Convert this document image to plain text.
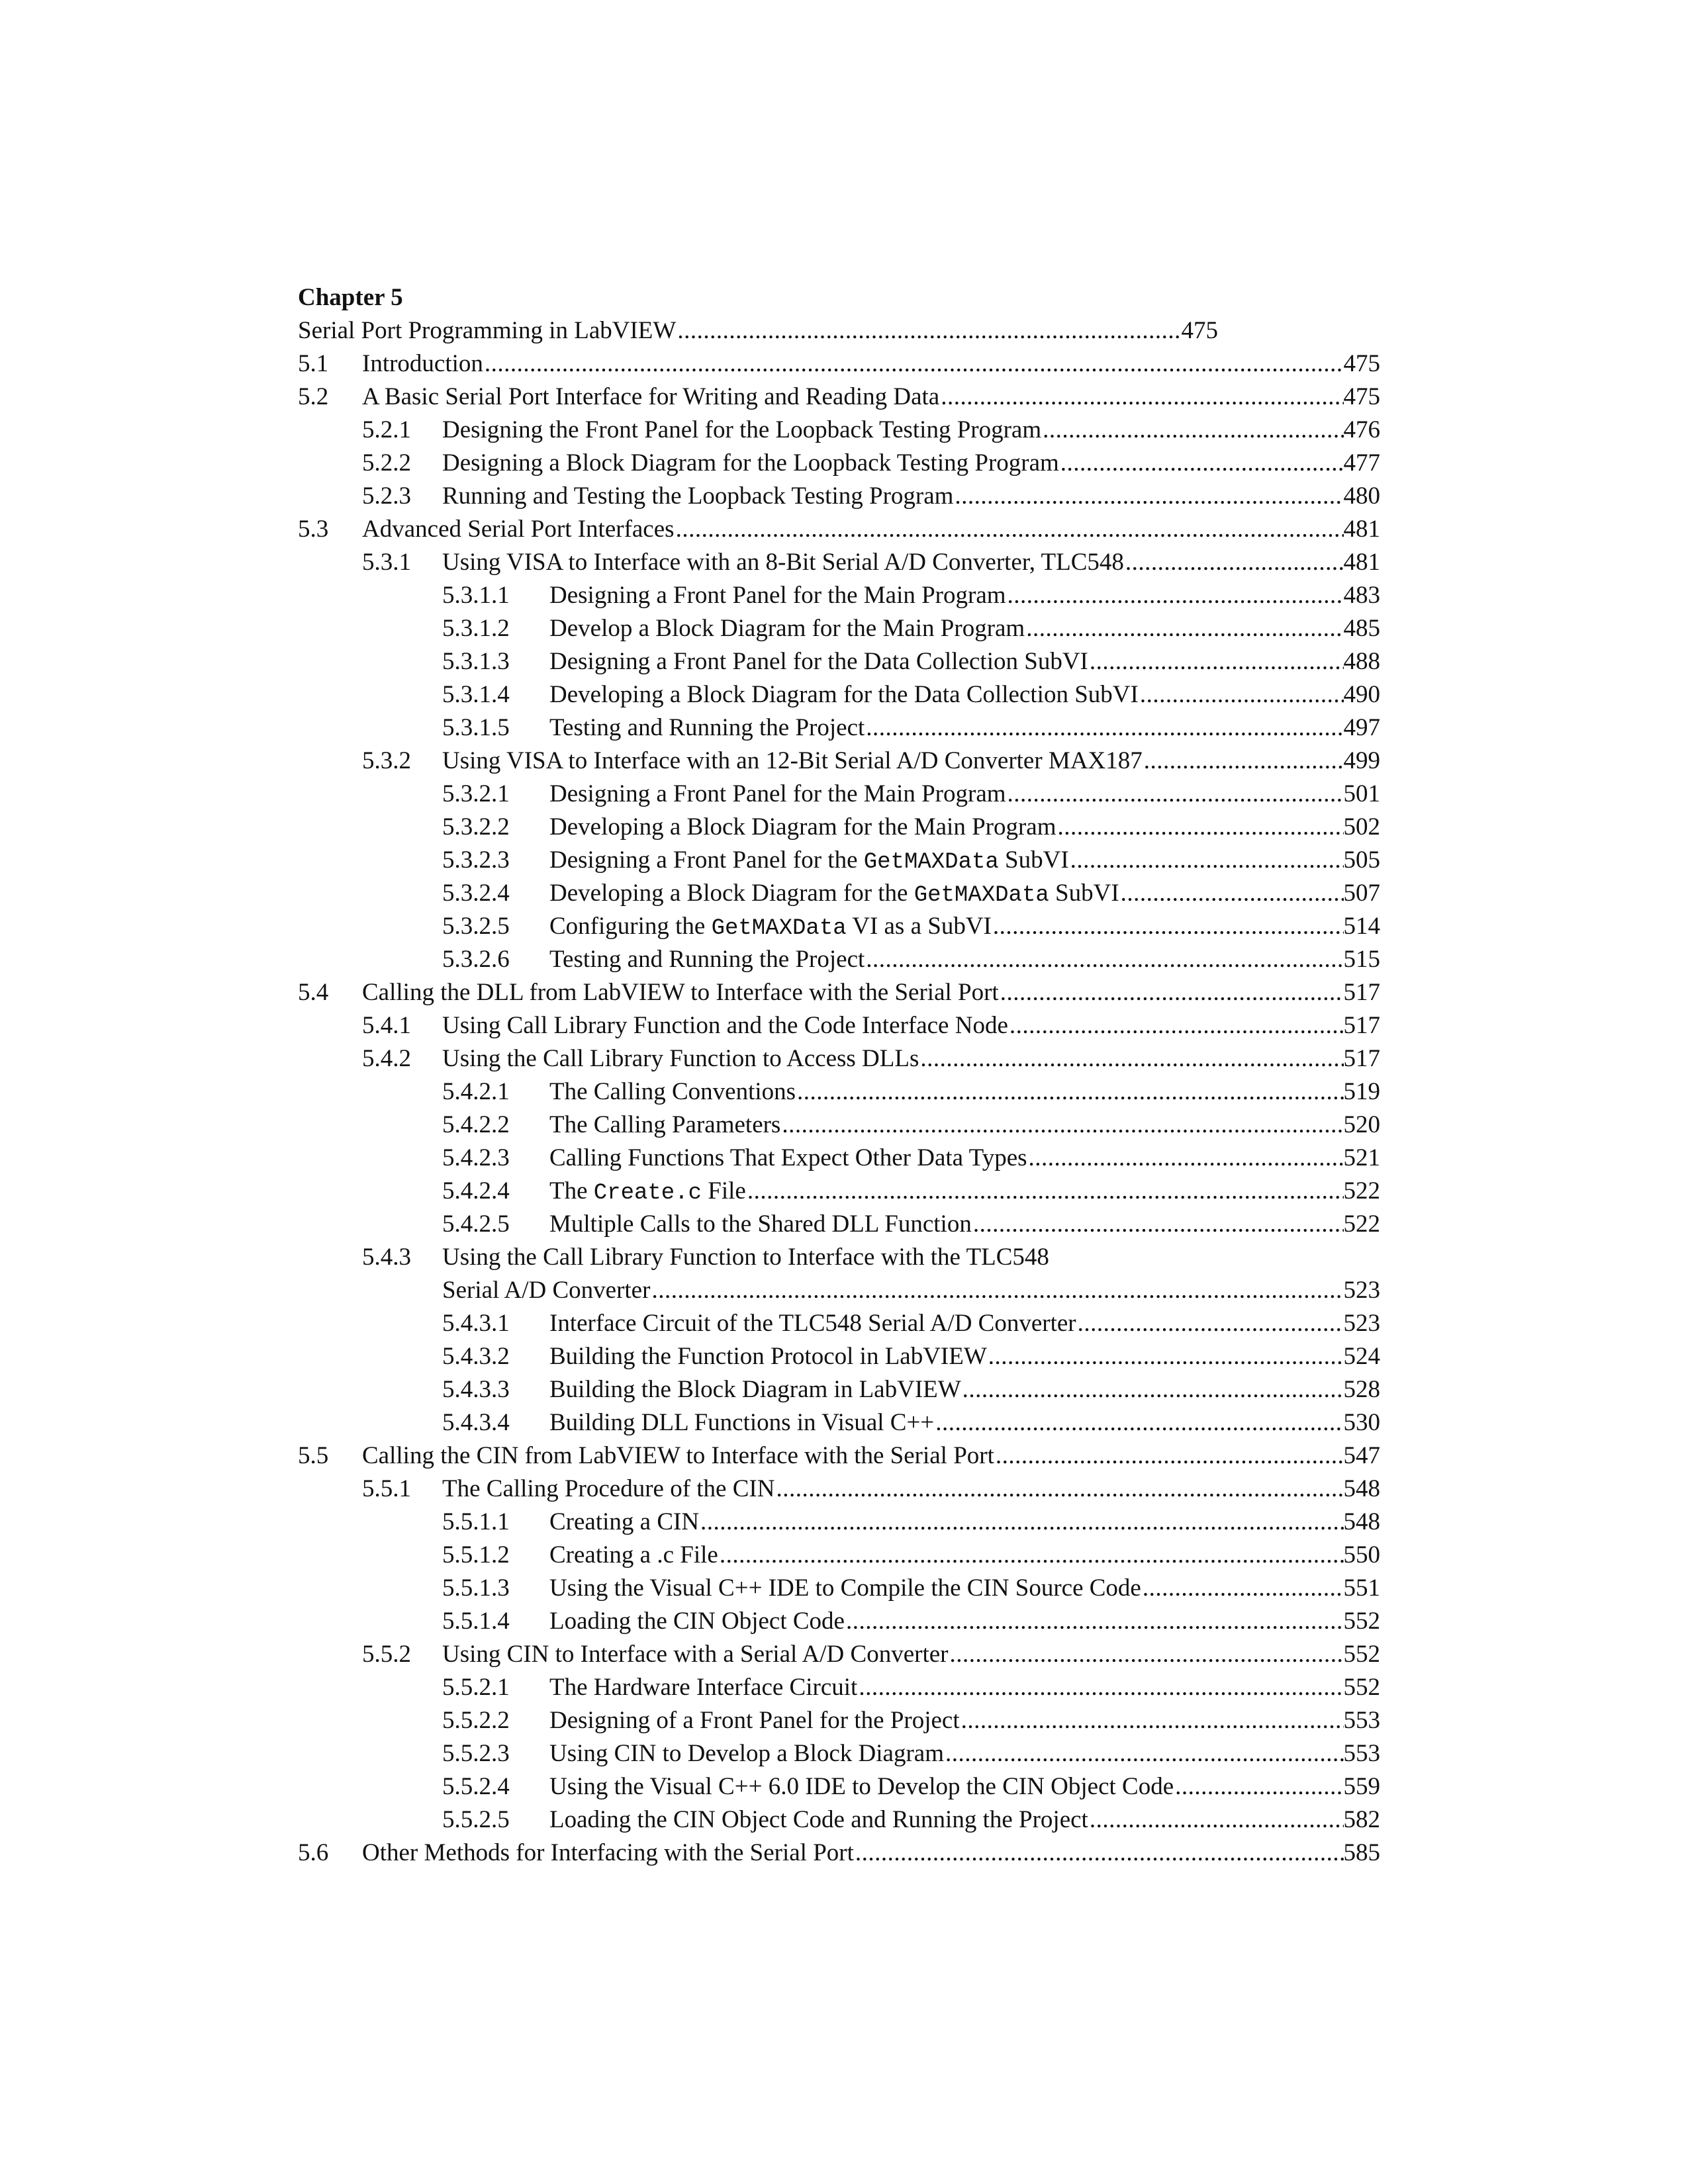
Chapter 5
Serial Port Programming in LabVIEW .....	475
5.1 Introduction .....	475
5.2 A Basic Serial Port Interface for Writing and Reading Data .....	475
5.2.1 Designing the Front Panel for the Loopback Testing Program .....	476
5.2.2 Designing a Block Diagram for the Loopback Testing Program .....	477
5.2.3 Running and Testing the Loopback Testing Program .....	480
5.3 Advanced Serial Port Interfaces .....	481
5.3.1 Using VISA to Interface with an 8-Bit Serial A/D Converter, TLC548 .....	481
5.3.1.1 Designing a Front Panel for the Main Program .....	483
5.3.1.2 Develop a Block Diagram for the Main Program .....	485
5.3.1.3 Designing a Front Panel for the Data Collection SubVI .....	488
5.3.1.4 Developing a Block Diagram for the Data Collection SubVI .....	490
5.3.1.5 Testing and Running the Project .....	497
5.3.2 Using VISA to Interface with an 12-Bit Serial A/D Converter MAX187 .....	499
5.3.2.1 Designing a Front Panel for the Main Program .....	501
5.3.2.2 Developing a Block Diagram for the Main Program .....	502
5.3.2.3 Designing a Front Panel for the GetMAXData SubVI .....	505
5.3.2.4 Developing a Block Diagram for the GetMAXData SubVI .....	507
5.3.2.5 Configuring the GetMAXData VI as a SubVI .....	514
5.3.2.6 Testing and Running the Project .....	515
5.4 Calling the DLL from LabVIEW to Interface with the Serial Port .....	517
5.4.1 Using Call Library Function and the Code Interface Node .....	517
5.4.2 Using the Call Library Function to Access DLLs .....	517
5.4.2.1 The Calling Conventions .....	519
5.4.2.2 The Calling Parameters .....	520
5.4.2.3 Calling Functions That Expect Other Data Types .....	521
5.4.2.4 The Create.c File .....	522
5.4.2.5 Multiple Calls to the Shared DLL Function .....	522
5.4.3 Using the Call Library Function to Interface with the TLC548
Serial A/D Converter .....	523
5.4.3.1 Interface Circuit of the TLC548 Serial A/D Converter .....	523
5.4.3.2 Building the Function Protocol in LabVIEW .....	524
5.4.3.3 Building the Block Diagram in LabVIEW .....	528
5.4.3.4 Building DLL Functions in Visual C++ .....	530
5.5 Calling the CIN from LabVIEW to Interface with the Serial Port .....	547
5.5.1 The Calling Procedure of the CIN .....	548
5.5.1.1 Creating a CIN .....	548
5.5.1.2 Creating a .c File .....	550
5.5.1.3 Using the Visual C++ IDE to Compile the CIN Source Code .....	551
5.5.1.4 Loading the CIN Object Code .....	552
5.5.2 Using CIN to Interface with a Serial A/D Converter .....	552
5.5.2.1 The Hardware Interface Circuit .....	552
5.5.2.2 Designing of a Front Panel for the Project .....	553
5.5.2.3 Using CIN to Develop a Block Diagram .....	553
5.5.2.4 Using the Visual C++ 6.0 IDE to Develop the CIN Object Code .....	559
5.5.2.5 Loading the CIN Object Code and Running the Project .....	582
5.6 Other Methods for Interfacing with the Serial Port .....	585
